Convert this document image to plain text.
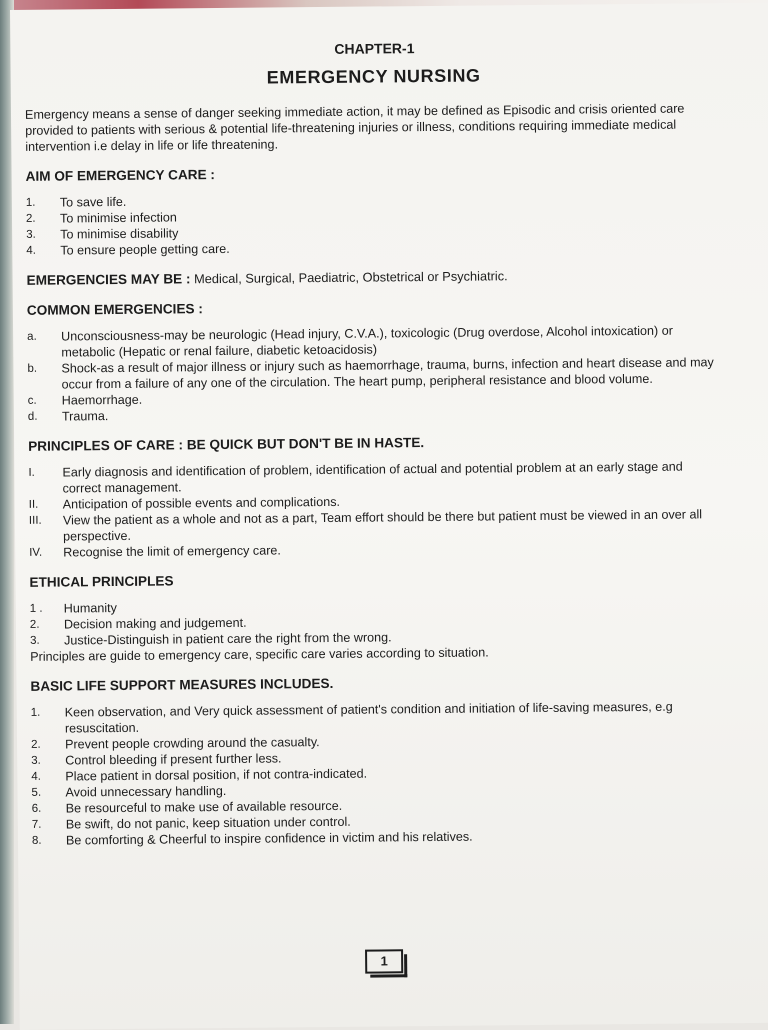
CHAPTER-1
EMERGENCY NURSING

Emergency means a sense of danger seeking immediate action, it may be defined as Episodic and crisis oriented care provided to patients with serious & potential life-threatening injuries or illness, conditions requiring immediate medical intervention i.e delay in life or life threatening.

AIM OF EMERGENCY CARE :
1.	To save life.
2.	To minimise infection
3.	To minimise disability
4.	To ensure people getting care.

EMERGENCIES MAY BE : Medical, Surgical, Paediatric, Obstetrical or Psychiatric.

COMMON EMERGENCIES :
a.	Unconsciousness-may be neurologic (Head injury, C.V.A.), toxicologic (Drug overdose, Alcohol intoxication) or metabolic (Hepatic or renal failure, diabetic ketoacidosis)
b.	Shock-as a result of major illness or injury such as haemorrhage, trauma, burns, infection and heart disease and may occur from a failure of any one of the circulation. The heart pump, peripheral resistance and blood volume.
c.	Haemorrhage.
d.	Trauma.
PRINCIPLES OF CARE : BE QUICK BUT DON'T BE IN HASTE.
I.	Early diagnosis and identification of problem, identification of actual and potential problem at an early stage and correct management.
II.	Anticipation of possible events and complications.
III.	View the patient as a whole and not as a part, Team effort should be there but patient must be viewed in an over all perspective.
IV.	Recognise the limit of emergency care.
ETHICAL PRINCIPLES
1 .	Humanity
2.	Decision making and judgement.
3.	Justice-Distinguish in patient care the right from the wrong.

Principles are guide to emergency care, specific care varies according to situation.

BASIC LIFE SUPPORT MEASURES INCLUDES.
1.	Keen observation, and Very quick assessment of patient's condition and initiation of life-saving measures, e.g resuscitation.
2.	Prevent people crowding around the casualty.
3.	Control bleeding if present further less.
4.	Place patient in dorsal position, if not contra-indicated.
5.	Avoid unnecessary handling.
6.	Be resourceful to make use of available resource.
7.	Be swift, do not panic, keep situation under control.
8.	Be comforting & Cheerful to inspire confidence in victim and his relatives.
1
